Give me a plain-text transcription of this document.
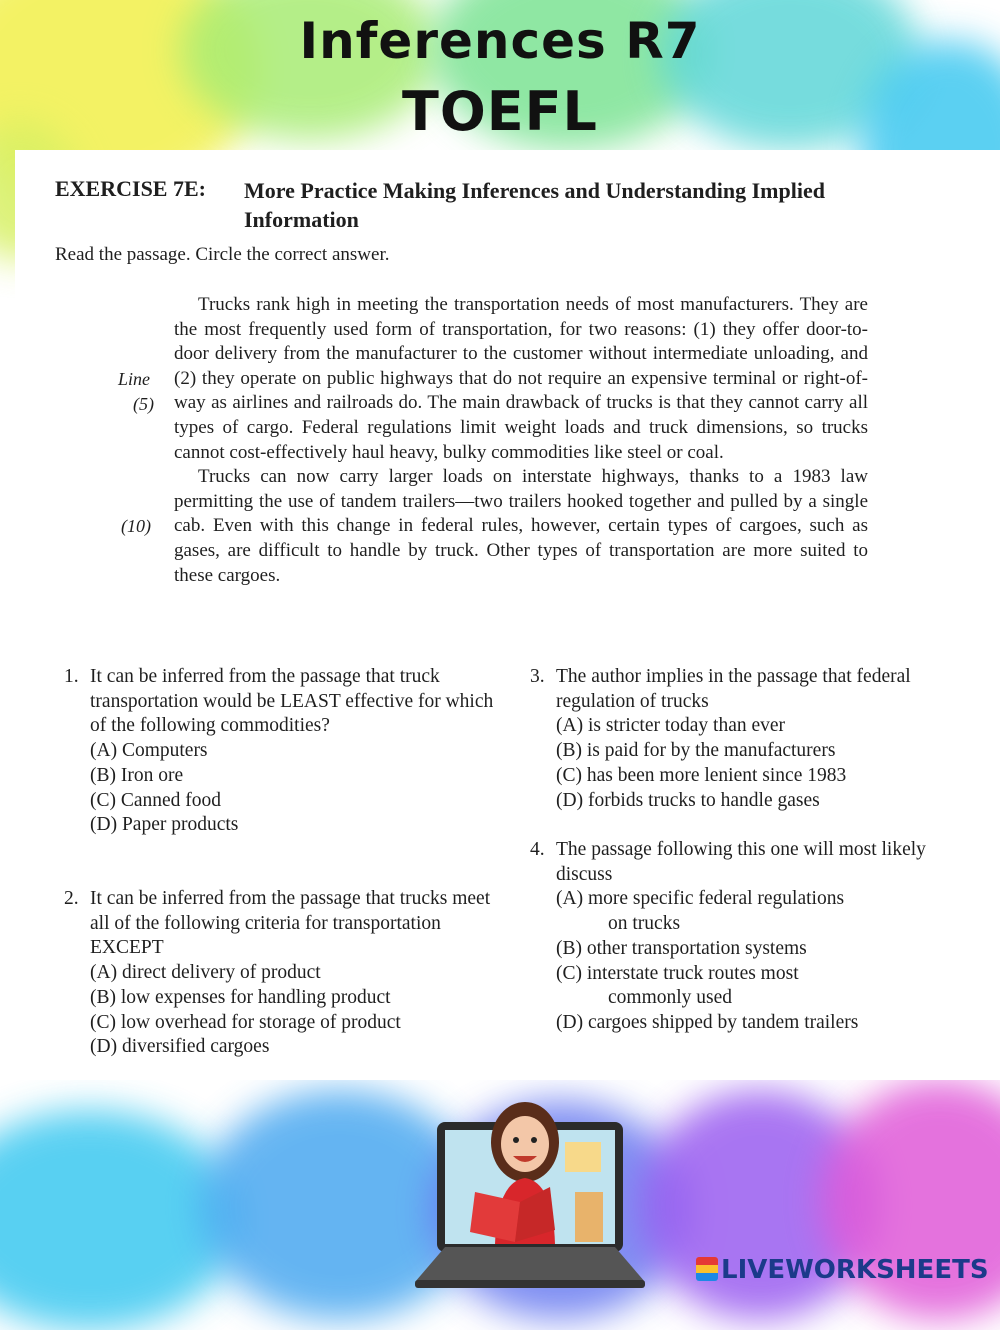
Inferences R7
TOEFL
EXERCISE 7E: More Practice Making Inferences and Understanding Implied Information
Read the passage. Circle the correct answer.
Line
(5)
(10)

Trucks rank high in meeting the transportation needs of most manufacturers. They are the most frequently used form of transportation, for two reasons: (1) they offer door-to-door delivery from the manufacturer to the customer without intermediate unloading, and (2) they operate on public highways that do not require an expensive terminal or right-of-way as airlines and railroads do. The main drawback of trucks is that they cannot carry all types of cargo. Federal regulations limit weight loads and truck dimensions, so trucks cannot cost-effectively haul heavy, bulky commodities like steel or coal.

Trucks can now carry larger loads on interstate highways, thanks to a 1983 law permitting the use of tandem trailers—two trailers hooked together and pulled by a single cab. Even with this change in federal rules, however, certain types of cargoes, such as gases, are difficult to handle by truck. Other types of transportation are more suited to these cargoes.

1. It can be inferred from the passage that truck transportation would be LEAST effective for which of the following commodities?
(A) Computers
(B) Iron ore
(C) Canned food
(D) Paper products
2. It can be inferred from the passage that trucks meet all of the following criteria for transportation EXCEPT
(A) direct delivery of product
(B) low expenses for handling product
(C) low overhead for storage of product
(D) diversified cargoes
3. The author implies in the passage that federal regulation of trucks
(A) is stricter today than ever
(B) is paid for by the manufacturers
(C) has been more lenient since 1983
(D) forbids trucks to handle gases
4. The passage following this one will most likely discuss
(A) more specific federal regulations
on trucks
(B) other transportation systems
(C) interstate truck routes most
commonly used
(D) cargoes shipped by tandem trailers
LIVEWORKSHEETS
